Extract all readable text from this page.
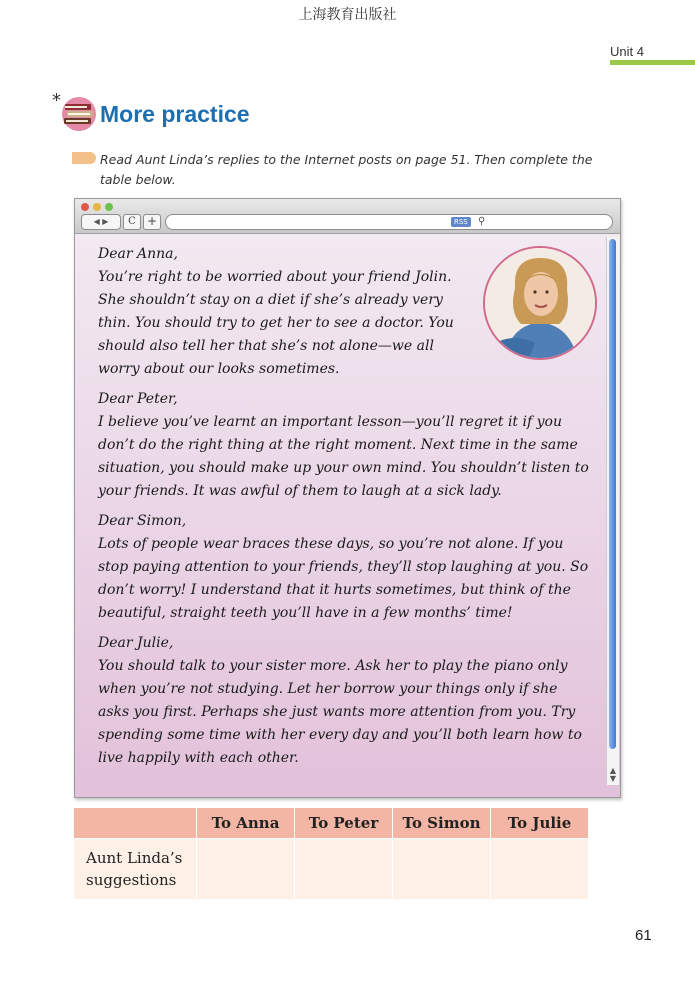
上海教育出版社
Unit 4
*
More practice
Read Aunt Linda’s replies to the Internet posts on page 51. Then complete the table below.
◀ ▶	C +	RSS	⚲
Dear Anna,
You’re right to be worried about your friend Jolin. She shouldn’t stay on a diet if she’s already very thin. You should try to get her to see a doctor. You should also tell her that she’s not alone—we all worry about our looks sometimes.
Dear Peter,
I believe you’ve learnt an important lesson—you’ll regret it if you don’t do the right thing at the right moment. Next time in the same situation, you should make up your own mind. You shouldn’t listen to your friends. It was awful of them to laugh at a sick lady.
Dear Simon,
Lots of people wear braces these days, so you’re not alone. If you stop paying attention to your friends, they’ll stop laughing at you. So don’t worry! I understand that it hurts sometimes, but think of the beautiful, straight teeth you’ll have in a few months’ time!
Dear Julie,
You should talk to your sister more. Ask her to play the piano only when you’re not studying. Let her borrow your things only if she asks you first. Perhaps she just wants more attention from you. Try spending some time with her every day and you’ll both learn how to live happily with each other.
▲
▼
	To Anna	To Peter	To Simon	To Julie

Aunt Linda’s suggestions				

61
